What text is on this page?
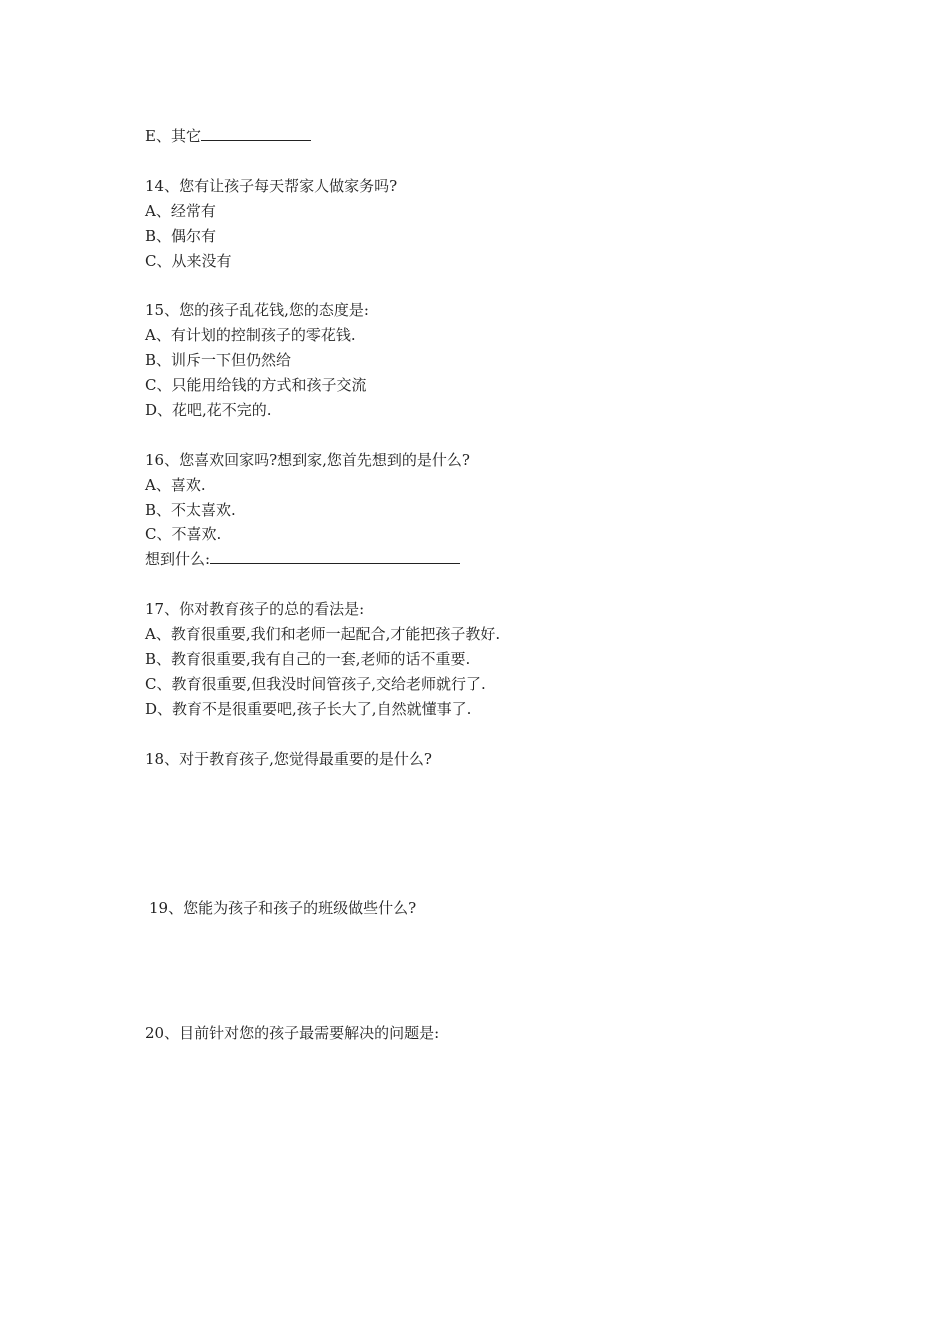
E、其它
14、您有让孩子每天帮家人做家务吗?
A、经常有
B、偶尔有
C、从来没有
15、您的孩子乱花钱,您的态度是:
A、有计划的控制孩子的零花钱.
B、训斥一下但仍然给
C、只能用给钱的方式和孩子交流
D、花吧,花不完的.
16、您喜欢回家吗?想到家,您首先想到的是什么?
A、喜欢.
B、不太喜欢.
C、不喜欢.
想到什么:
17、你对教育孩子的总的看法是:
A、教育很重要,我们和老师一起配合,才能把孩子教好.
B、教育很重要,我有自己的一套,老师的话不重要.
C、教育很重要,但我没时间管孩子,交给老师就行了.
D、教育不是很重要吧,孩子长大了,自然就懂事了.
18、对于教育孩子,您觉得最重要的是什么?
19、您能为孩子和孩子的班级做些什么?
20、目前针对您的孩子最需要解决的问题是:
